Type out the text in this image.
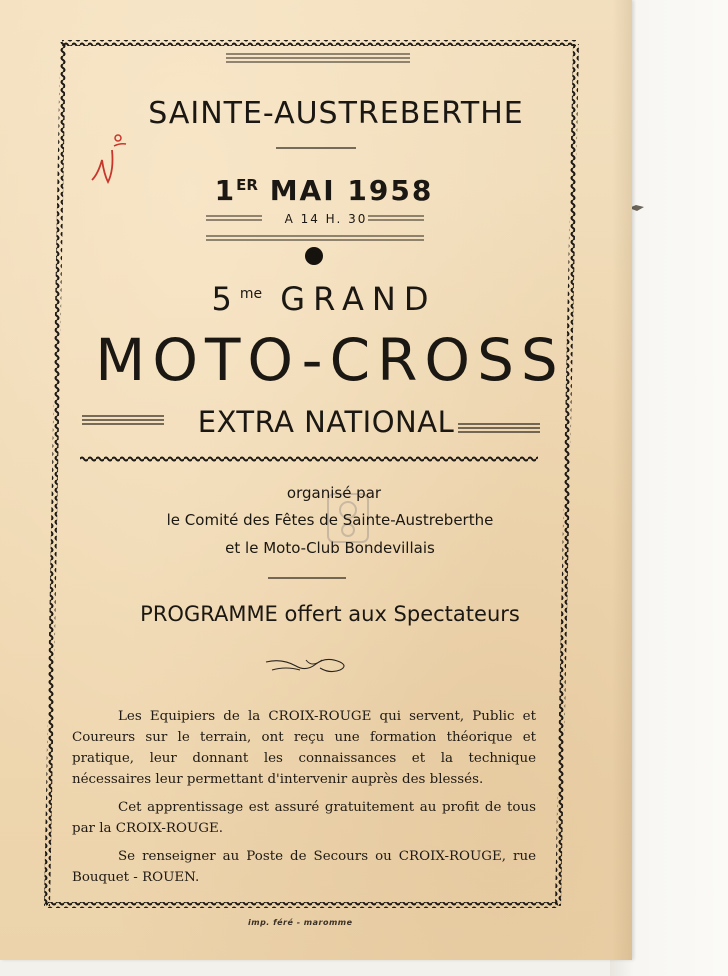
SAINTE-AUSTREBERTHE
1ER MAI 1958
A 14 H. 30
$5^{me}$ GRAND
MOTO-CROSS
EXTRA NATIONAL
organisé par
le Comité des Fêtes de Sainte-Austreberthe
et le Moto-Club Bondevillais
PROGRAMME offert aux Spectateurs

Les Equipiers de la CROIX-ROUGE qui servent, Public et Coureurs sur le terrain, ont reçu une formation théorique et pratique, leur donnant les connaissances et la technique nécessaires leur permettant d'intervenir auprès des blessés.

Cet apprentissage est assuré gratuitement au profit de tous par la CROIX-ROUGE.

Se renseigner au Poste de Secours ou CROIX-ROUGE, rue Bouquet - ROUEN.

imp. féré - maromme
